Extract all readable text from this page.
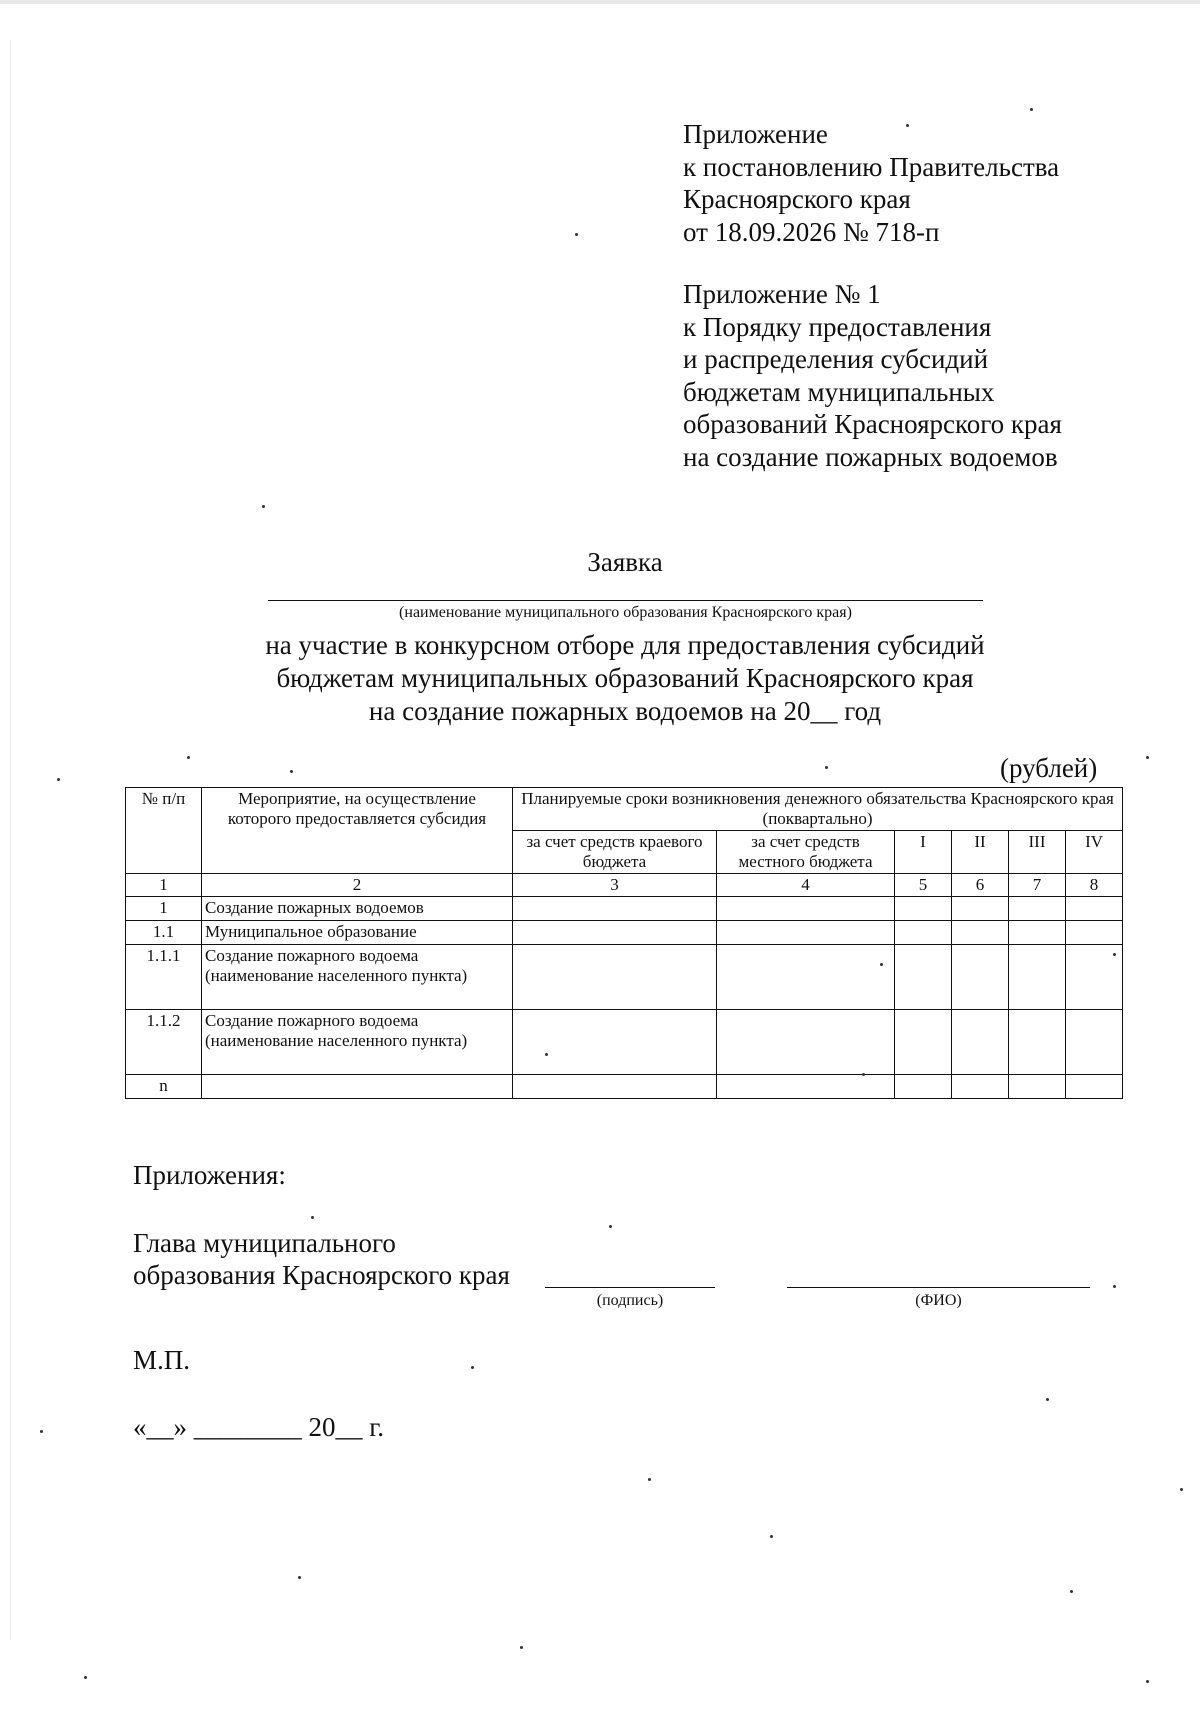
Приложение
к постановлению Правительства
Красноярского края
от 18.09.2026 № 718-п
Приложение № 1
к Порядку предоставления
и распределения субсидий
бюджетам муниципальных
образований Красноярского края
на создание пожарных водоемов
Заявка
(наименование муниципального образования Красноярского края)
на участие в конкурсном отборе для предоставления субсидий
бюджетам муниципальных образований Красноярского края
на создание пожарных водоемов на 20__ год
(рублей)
№ п/п	Мероприятие, на осуществление которого предоставляется субсидия	Планируемые сроки возникновения денежного обязательства Красноярского края (поквартально)					
		за счет средств краевого бюджета	за счет средств местного бюджета	I	II	III	IV
1	2	3	4	5	6	7	8
1	Создание пожарных водоемов						
1.1	Муниципальное образование						
1.1.1	Создание пожарного водоема (наименование населенного пункта)						
1.1.2	Создание пожарного водоема (наименование населенного пункта)						
n							
Приложения:
Глава муниципального
образования Красноярского края
(подпись)	(ФИО)
М.П.
«__» ________ 20__ г.
